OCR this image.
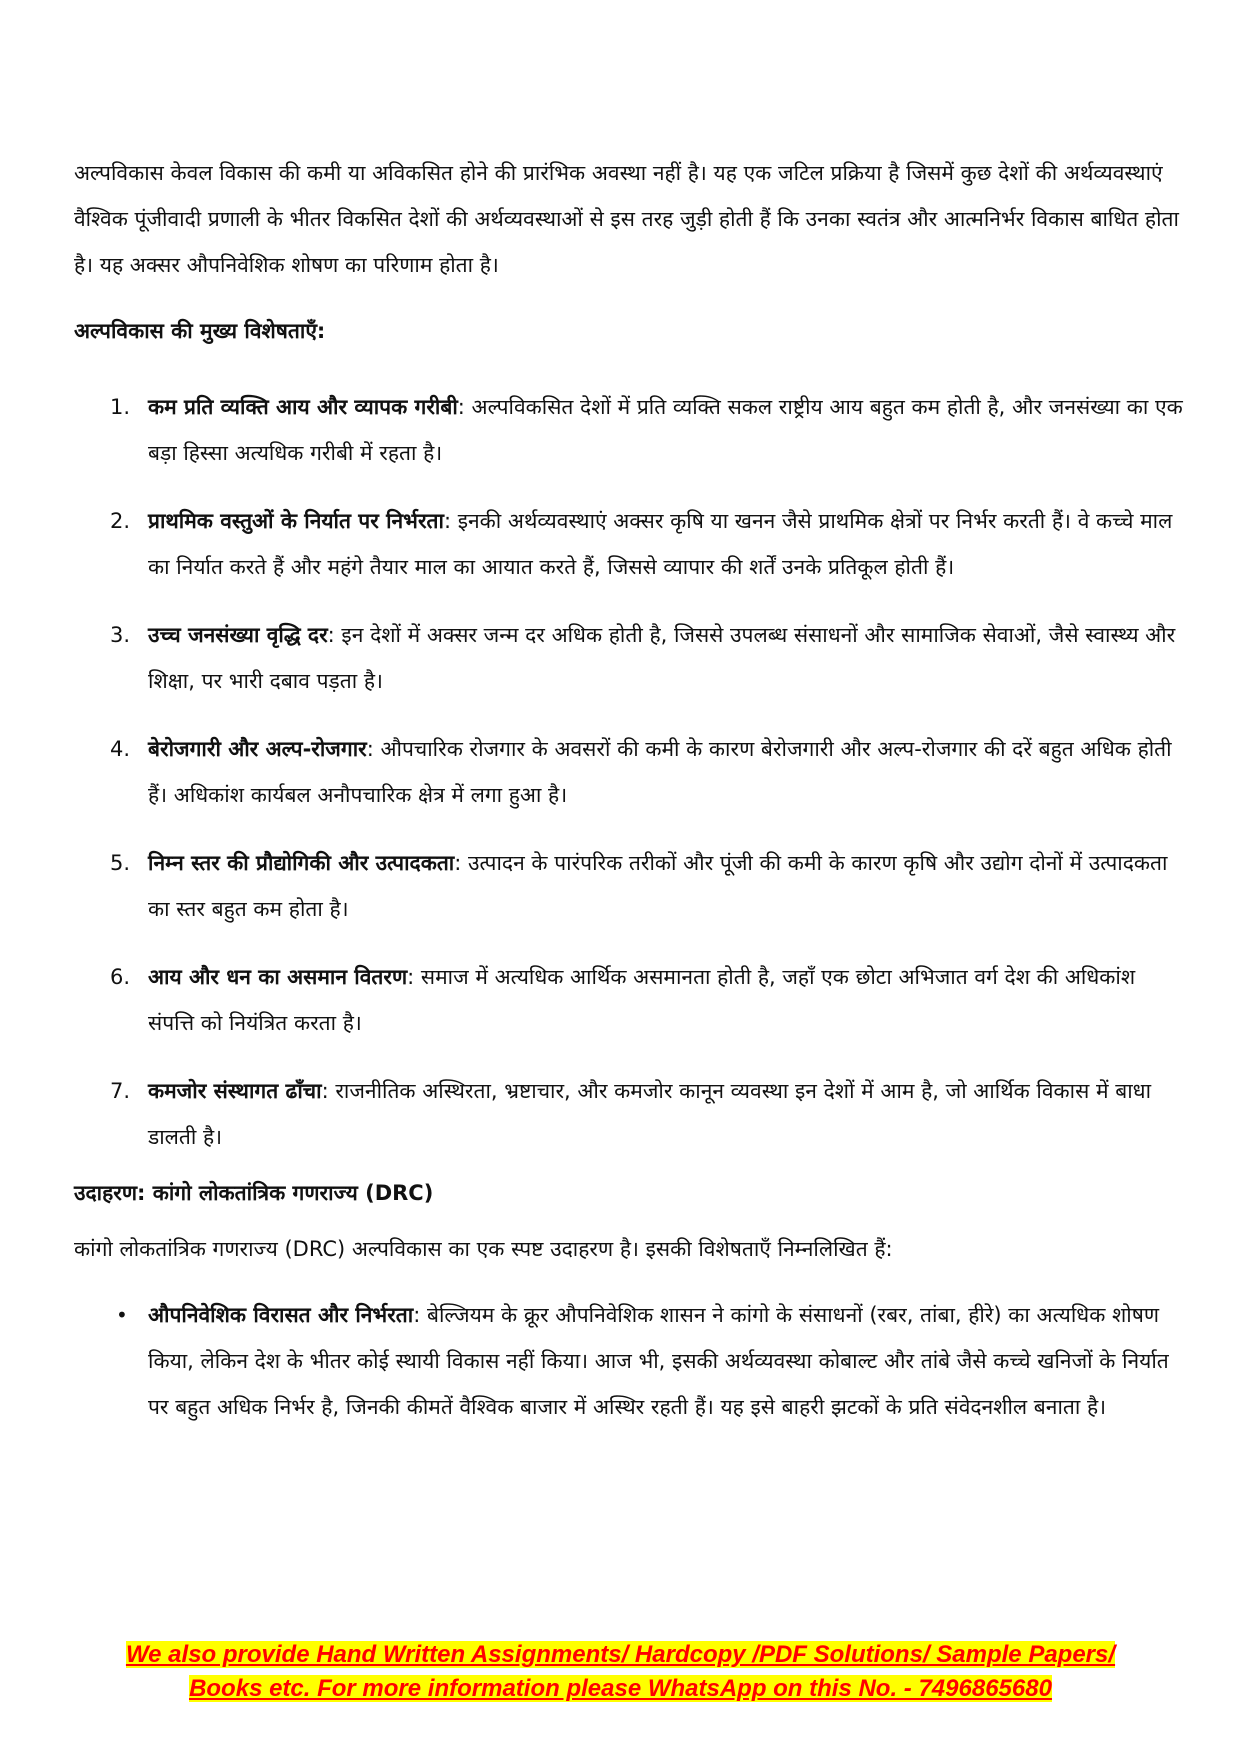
अल्पविकास केवल विकास की कमी या अविकसित होने की प्रारंभिक अवस्था नहीं है। यह एक जटिल प्रक्रिया है जिसमें कुछ देशों की अर्थव्यवस्थाएं वैश्विक पूंजीवादी प्रणाली के भीतर विकसित देशों की अर्थव्यवस्थाओं से इस तरह जुड़ी होती हैं कि उनका स्वतंत्र और आत्मनिर्भर विकास बाधित होता है। यह अक्सर औपनिवेशिक शोषण का परिणाम होता है।

अल्पविकास की मुख्य विशेषताएँ:

1. कम प्रति व्यक्ति आय और व्यापक गरीबी: अल्पविकसित देशों में प्रति व्यक्ति सकल राष्ट्रीय आय बहुत कम होती है, और जनसंख्या का एक बड़ा हिस्सा अत्यधिक गरीबी में रहता है।
2. प्राथमिक वस्तुओं के निर्यात पर निर्भरता: इनकी अर्थव्यवस्थाएं अक्सर कृषि या खनन जैसे प्राथमिक क्षेत्रों पर निर्भर करती हैं। वे कच्चे माल का निर्यात करते हैं और महंगे तैयार माल का आयात करते हैं, जिससे व्यापार की शर्तें उनके प्रतिकूल होती हैं।
3. उच्च जनसंख्या वृद्धि दर: इन देशों में अक्सर जन्म दर अधिक होती है, जिससे उपलब्ध संसाधनों और सामाजिक सेवाओं, जैसे स्वास्थ्य और शिक्षा, पर भारी दबाव पड़ता है।
4. बेरोजगारी और अल्प-रोजगार: औपचारिक रोजगार के अवसरों की कमी के कारण बेरोजगारी और अल्प-रोजगार की दरें बहुत अधिक होती हैं। अधिकांश कार्यबल अनौपचारिक क्षेत्र में लगा हुआ है।
5. निम्न स्तर की प्रौद्योगिकी और उत्पादकता: उत्पादन के पारंपरिक तरीकों और पूंजी की कमी के कारण कृषि और उद्योग दोनों में उत्पादकता का स्तर बहुत कम होता है।
6. आय और धन का असमान वितरण: समाज में अत्यधिक आर्थिक असमानता होती है, जहाँ एक छोटा अभिजात वर्ग देश की अधिकांश संपत्ति को नियंत्रित करता है।
7. कमजोर संस्थागत ढाँचा: राजनीतिक अस्थिरता, भ्रष्टाचार, और कमजोर कानून व्यवस्था इन देशों में आम है, जो आर्थिक विकास में बाधा डालती है।

उदाहरण: कांगो लोकतांत्रिक गणराज्य (DRC)

कांगो लोकतांत्रिक गणराज्य (DRC) अल्पविकास का एक स्पष्ट उदाहरण है। इसकी विशेषताएँ निम्नलिखित हैं:

• औपनिवेशिक विरासत और निर्भरता: बेल्जियम के क्रूर औपनिवेशिक शासन ने कांगो के संसाधनों (रबर, तांबा, हीरे) का अत्यधिक शोषण किया, लेकिन देश के भीतर कोई स्थायी विकास नहीं किया। आज भी, इसकी अर्थव्यवस्था कोबाल्ट और तांबे जैसे कच्चे खनिजों के निर्यात पर बहुत अधिक निर्भर है, जिनकी कीमतें वैश्विक बाजार में अस्थिर रहती हैं। यह इसे बाहरी झटकों के प्रति संवेदनशील बनाता है।
We also provide Hand Written Assignments/ Hardcopy /PDF Solutions/ Sample Papers/
Books etc. For more information please WhatsApp on this No. - 7496865680
